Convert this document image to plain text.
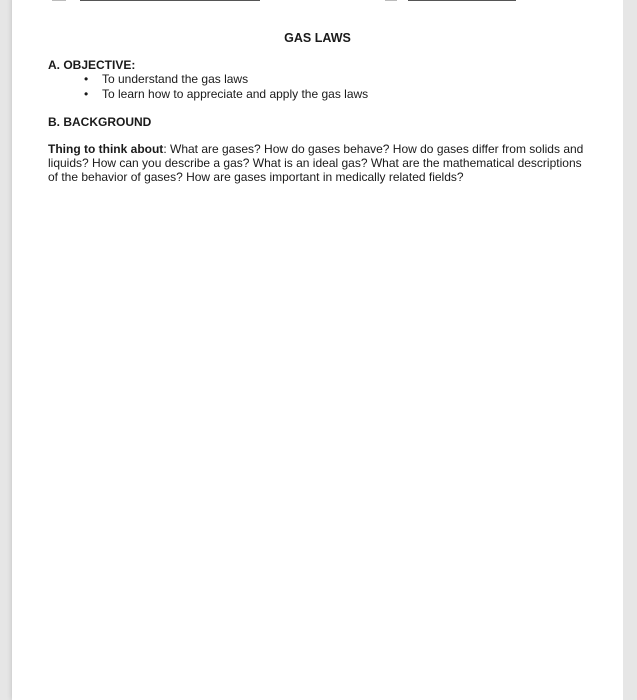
GAS LAWS
A. OBJECTIVE:
• To understand the gas laws
• To learn how to appreciate and apply the gas laws
B. BACKGROUND

Thing to think about: What are gases? How do gases behave? How do gases differ from solids and liquids? How can you describe a gas? What is an ideal gas? What are the mathematical descriptions of the behavior of gases? How are gases important in medically related fields?
